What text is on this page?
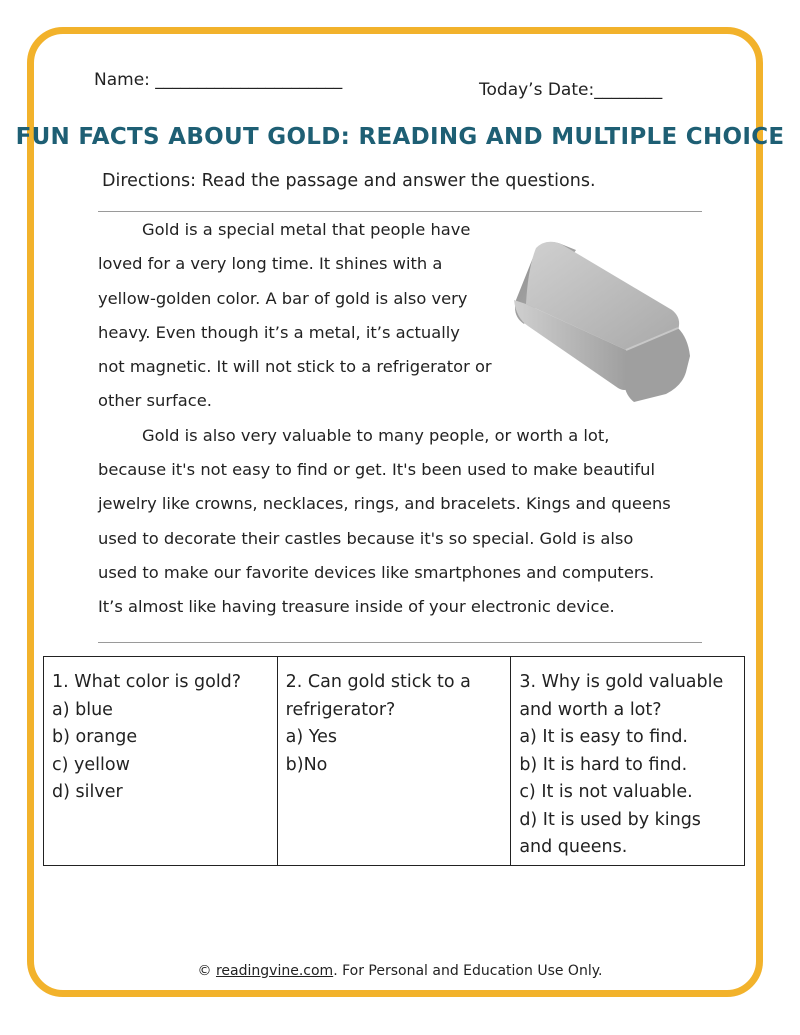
Name: ______________________	Today’s Date:________
FUN FACTS ABOUT GOLD: READING AND MULTIPLE CHOICE
Directions: Read the passage and answer the questions.

Gold is a special metal that people have
loved for a very long time. It shines with a
yellow-golden color. A bar of gold is also very
heavy. Even though it’s a metal, it’s actually
not magnetic. It will not stick to a refrigerator or
other surface.

Gold is also very valuable to many people, or worth a lot,
because it's not easy to find or get. It's been used to make beautiful
jewelry like crowns, necklaces, rings, and bracelets. Kings and queens
used to decorate their castles because it's so special. Gold is also
used to make our favorite devices like smartphones and computers.
It’s almost like having treasure inside of your electronic device.

1. What color is gold?
a) blue
b) orange
c) yellow
d) silver	2. Can gold stick to a
refrigerator?
a) Yes
b)No	3. Why is gold valuable
and worth a lot?
a) It is easy to find.
b) It is hard to find.
c) It is not valuable.
d) It is used by kings
and queens.
© readingvine.com. For Personal and Education Use Only.
